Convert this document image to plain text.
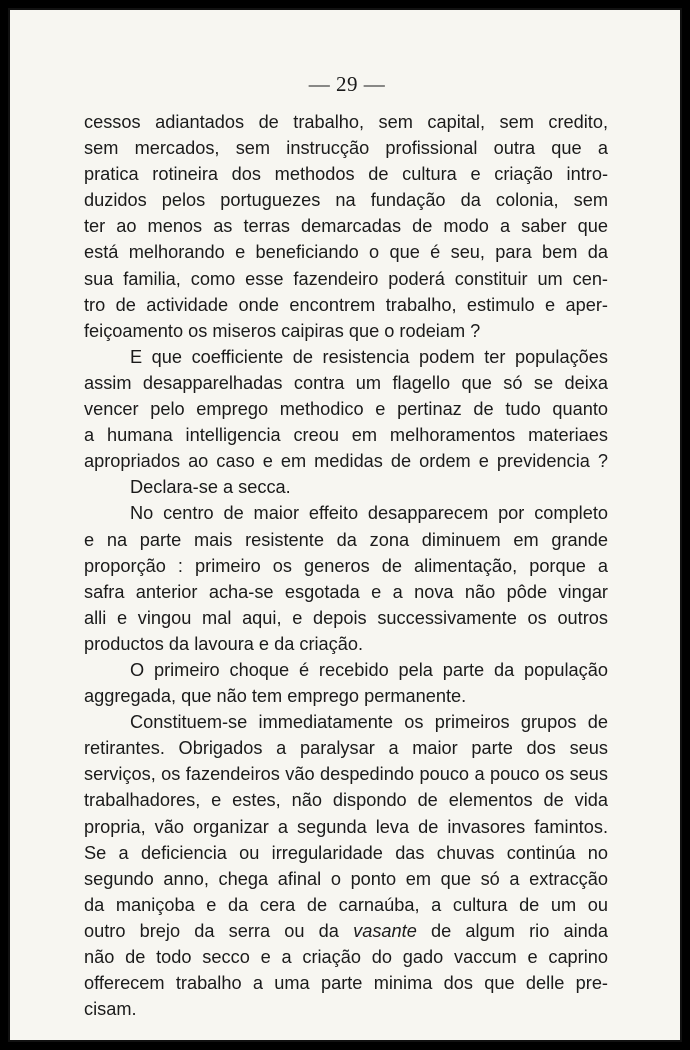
— 29 —
cessos adiantados de trabalho, sem capital, sem credito,
sem mercados, sem instrucção profissional outra que a
pratica rotineira dos methodos de cultura e criação intro-
duzidos pelos portuguezes na fundação da colonia, sem
ter ao menos as terras demarcadas de modo a saber que
está melhorando e beneficiando o que é seu, para bem da
sua familia, como esse fazendeiro poderá constituir um cen-
tro de actividade onde encontrem trabalho, estimulo e aper-
feiçoamento os miseros caipiras que o rodeiam ?
E que coefficiente de resistencia podem ter populações
assim desapparelhadas contra um flagello que só se deixa
vencer pelo emprego methodico e pertinaz de tudo quanto
a humana intelligencia creou em melhoramentos materiaes
apropriados ao caso e em medidas de ordem e previdencia ?
Declara-se a secca.
No centro de maior effeito desapparecem por completo
e na parte mais resistente da zona diminuem em grande
proporção : primeiro os generos de alimentação, porque a
safra anterior acha-se esgotada e a nova não pôde vingar
alli e vingou mal aqui, e depois successivamente os outros
productos da lavoura e da criação.
O primeiro choque é recebido pela parte da população
aggregada, que não tem emprego permanente.
Constituem-se immediatamente os primeiros grupos de
retirantes. Obrigados a paralysar a maior parte dos seus
serviços, os fazendeiros vão despedindo pouco a pouco os seus
trabalhadores, e estes, não dispondo de elementos de vida
propria, vão organizar a segunda leva de invasores famintos.
Se a deficiencia ou irregularidade das chuvas continúa no
segundo anno, chega afinal o ponto em que só a extracção
da maniçoba e da cera de carnaúba, a cultura de um ou
outro brejo da serra ou da vasante de algum rio ainda
não de todo secco e a criação do gado vaccum e caprino
offerecem trabalho a uma parte minima dos que delle pre-
cisam.
